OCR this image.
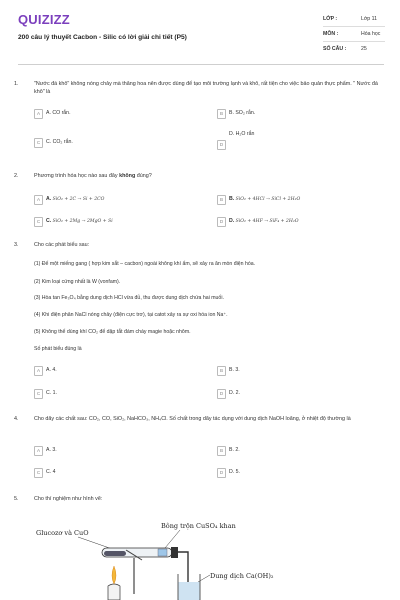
QUIZIZZ
200 câu lý thuyết Cacbon - Silic có lời giải chi tiết (P5)
LỚP :	Lớp 11
MÔN :	Hóa học
SỐ CÂU :	25
1.	"Nước đá khô" không nóng chảy mà thăng hoa nên được dùng để tạo môi trường lạnh và khô, rất tiện cho việc bảo quản thực phẩm. " Nước đá khô" là
A	A. CO rắn.	B	B. SO₂ rắn.
C	C. CO₂ rắn.	D
D. H₂O rắn
2.	Phương trình hóa học nào sau đây không đúng?
A	A. SiO₂ + 2C → Si + 2CO	B	B. SiO₂ + 4HCl → SiCl + 2H₂O
C	C. SiO₂ + 2Mg → 2MgO + Si	D	D. SiO₂ + 4HF → SiF₄ + 2H₂O
3.	Cho các phát biểu sau:
(1) Để một miếng gang ( hợp kim sắt – cacbon) ngoài không khí ẩm, sẽ xảy ra ăn mòn điện hóa.
(2) Kim loại cứng nhất là W (vonfam).
(3) Hòa tan Fe₃O₄ bằng dung dịch HCl vừa đủ, thu được dung dịch chứa hai muối.
(4) Khi điện phân NaCl nóng chảy (điện cực trơ), tại catot xảy ra sự oxi hóa ion Na⁺.
(5) Không thể dùng khí CO₂ để dập tắt đám cháy magie hoặc nhôm.
Số phát biểu đúng là
A	A. 4.	B	B. 3.
C	C. 1.	D	D. 2.
4.	Cho dãy các chất sau: CO₂, CO, SiO₂, NaHCO₃, NH₄Cl. Số chất trong dãy tác dụng với dung dịch NaOH loãng, ở nhiệt độ thường là
A	A. 3.	B	B. 2.
C	C. 4	D	D. 5.
5.	Cho thí nghiệm như hình vẽ:
Glucozơ và CuO
Bông trộn CuSO₄ khan
Dung dịch Ca(OH)₂
